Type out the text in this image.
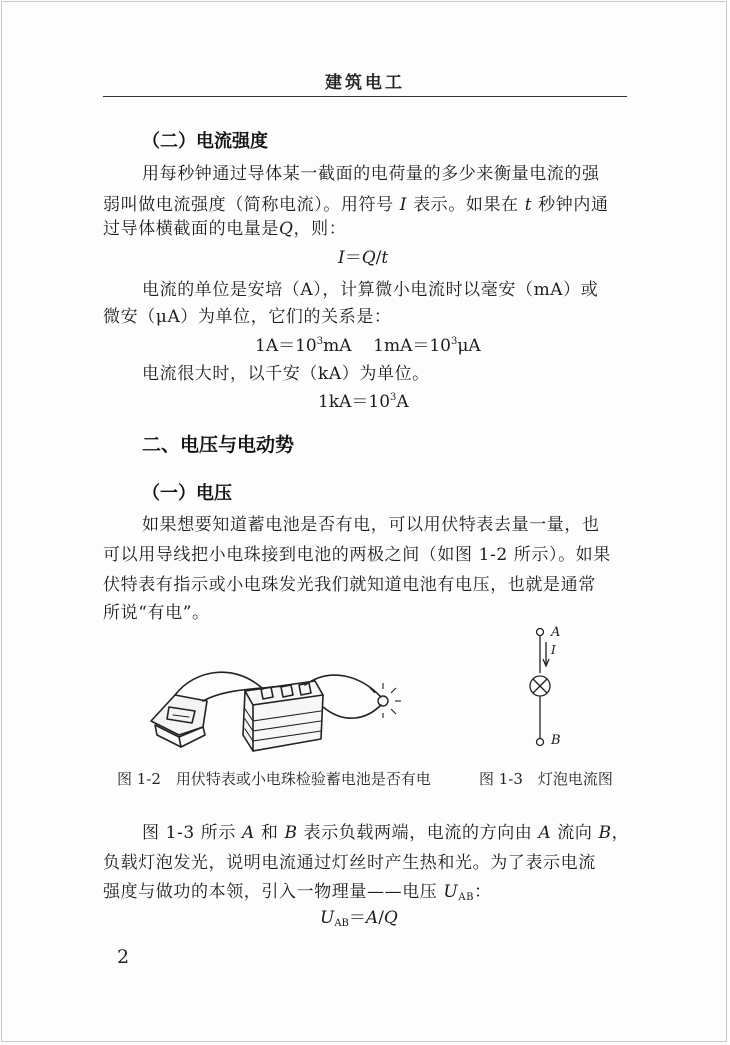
建筑电工
（二）电流强度
用每秒钟通过导体某一截面的电荷量的多少来衡量电流的强
弱叫做电流强度（简称电流）。用符号 I 表示。如果在 t 秒钟内通
过导体横截面的电量是Q，则：
I＝Q/t
电流的单位是安培（A），计算微小电流时以毫安（mA）或
微安（μA）为单位，它们的关系是：
$1A=10^3mA$ $1mA=10^3\mu A$
电流很大时，以千安（kA）为单位。
$1kA=10^3A$
二、电压与电动势
（一）电压
如果想要知道蓄电池是否有电，可以用伏特表去量一量，也
可以用导线把小电珠接到电池的两极之间（如图 1-2 所示）。如果
伏特表有指示或小电珠发光我们就知道电池有电压，也就是通常
所说“有电”。
A
I
B
图 1-2　用伏特表或小电珠检验蓄电池是否有电	图 1-3　灯泡电流图
图 1-3 所示 A 和 B 表示负载两端，电流的方向由 A 流向 B，
负载灯泡发光，说明电流通过灯丝时产生热和光。为了表示电流
强度与做功的本领，引入一物理量——电压 $U_{AB}$：
$U_{AB}=A/Q$
2
